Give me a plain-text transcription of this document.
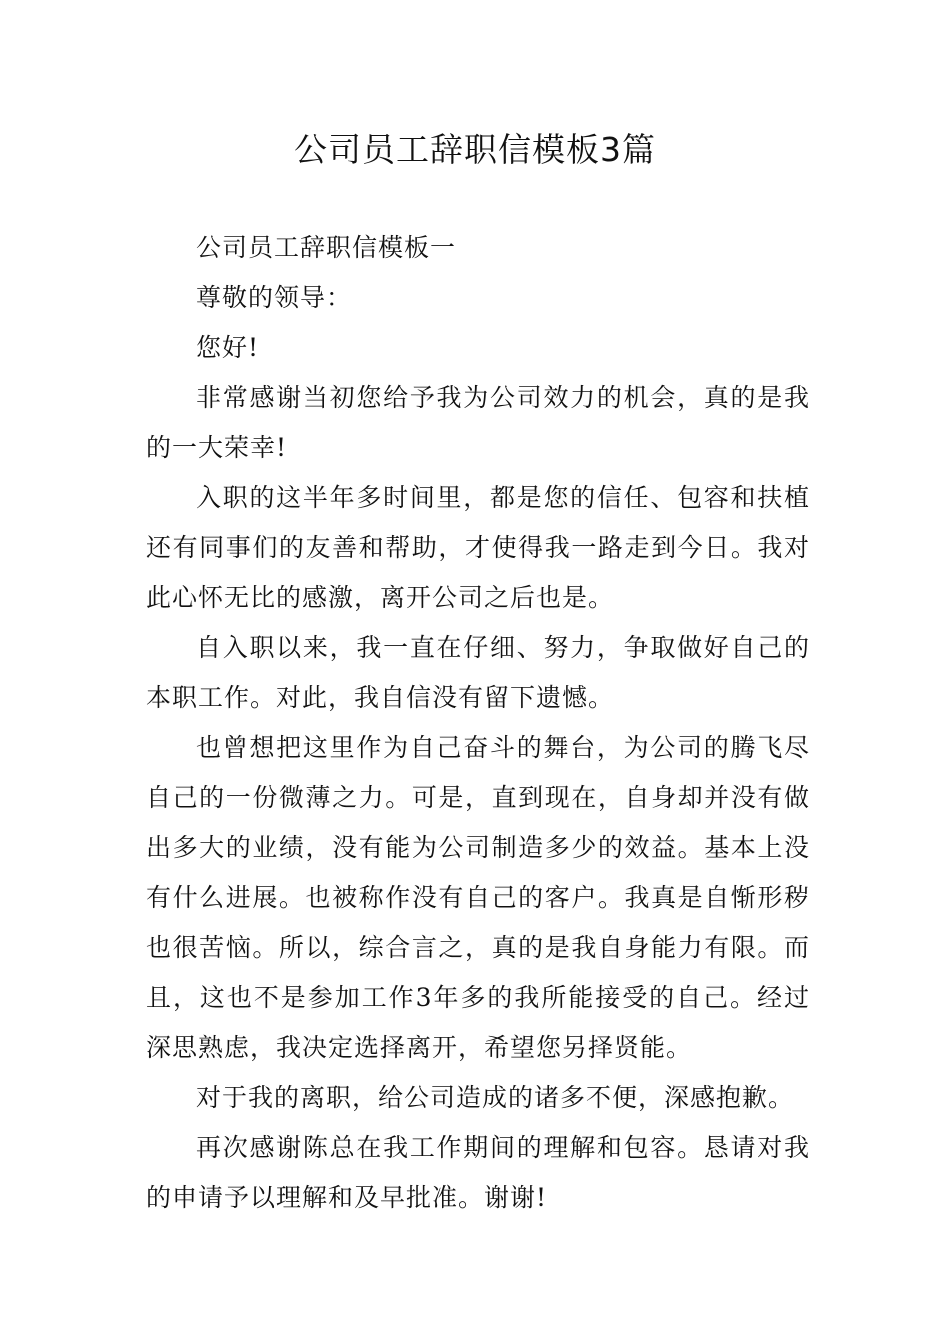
公司员工辞职信模板3篇

公司员工辞职信模板一

尊敬的领导：

您好!

非常感谢当初您给予我为公司效力的机会，真的是我的一大荣幸!

入职的这半年多时间里，都是您的信任、包容和扶植还有同事们的友善和帮助，才使得我一路走到今日。我对此心怀无比的感激，离开公司之后也是。

自入职以来，我一直在仔细、努力，争取做好自己的本职工作。对此，我自信没有留下遗憾。

也曾想把这里作为自己奋斗的舞台，为公司的腾飞尽自己的一份微薄之力。可是，直到现在，自身却并没有做出多大的业绩，没有能为公司制造多少的效益。基本上没有什么进展。也被称作没有自己的客户。我真是自惭形秽也很苦恼。所以，综合言之，真的是我自身能力有限。而且，这也不是参加工作3年多的我所能接受的自己。经过深思熟虑，我决定选择离开，希望您另择贤能。

对于我的离职，给公司造成的诸多不便，深感抱歉。

再次感谢陈总在我工作期间的理解和包容。恳请对我的申请予以理解和及早批准。谢谢!
